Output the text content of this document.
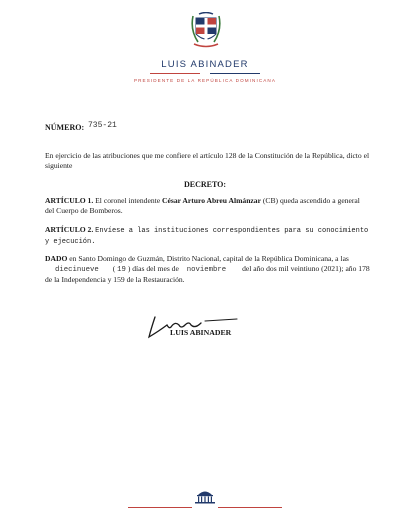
LUIS ABINADER
PRESIDENTE DE LA REPÚBLICA DOMINICANA
NÚMERO: 735-21
En ejercicio de las atribuciones que me confiere el artículo 128 de la Constitución de la República, dicto el siguiente
DECRETO:
ARTÍCULO 1. El coronel intendente César Arturo Abreu Almánzar (CB) queda ascendido a general del Cuerpo de Bomberos.
ARTÍCULO 2. Envíese a las instituciones correspondientes para su conocimiento y ejecución.
DADO en Santo Domingo de Guzmán, Distrito Nacional, capital de la República Dominicana, a las diecinueve ( 19 ) días del mes de noviembre del año dos mil veintiuno (2021); año 178 de la Independencia y 159 de la Restauración.
LUIS ABINADER
